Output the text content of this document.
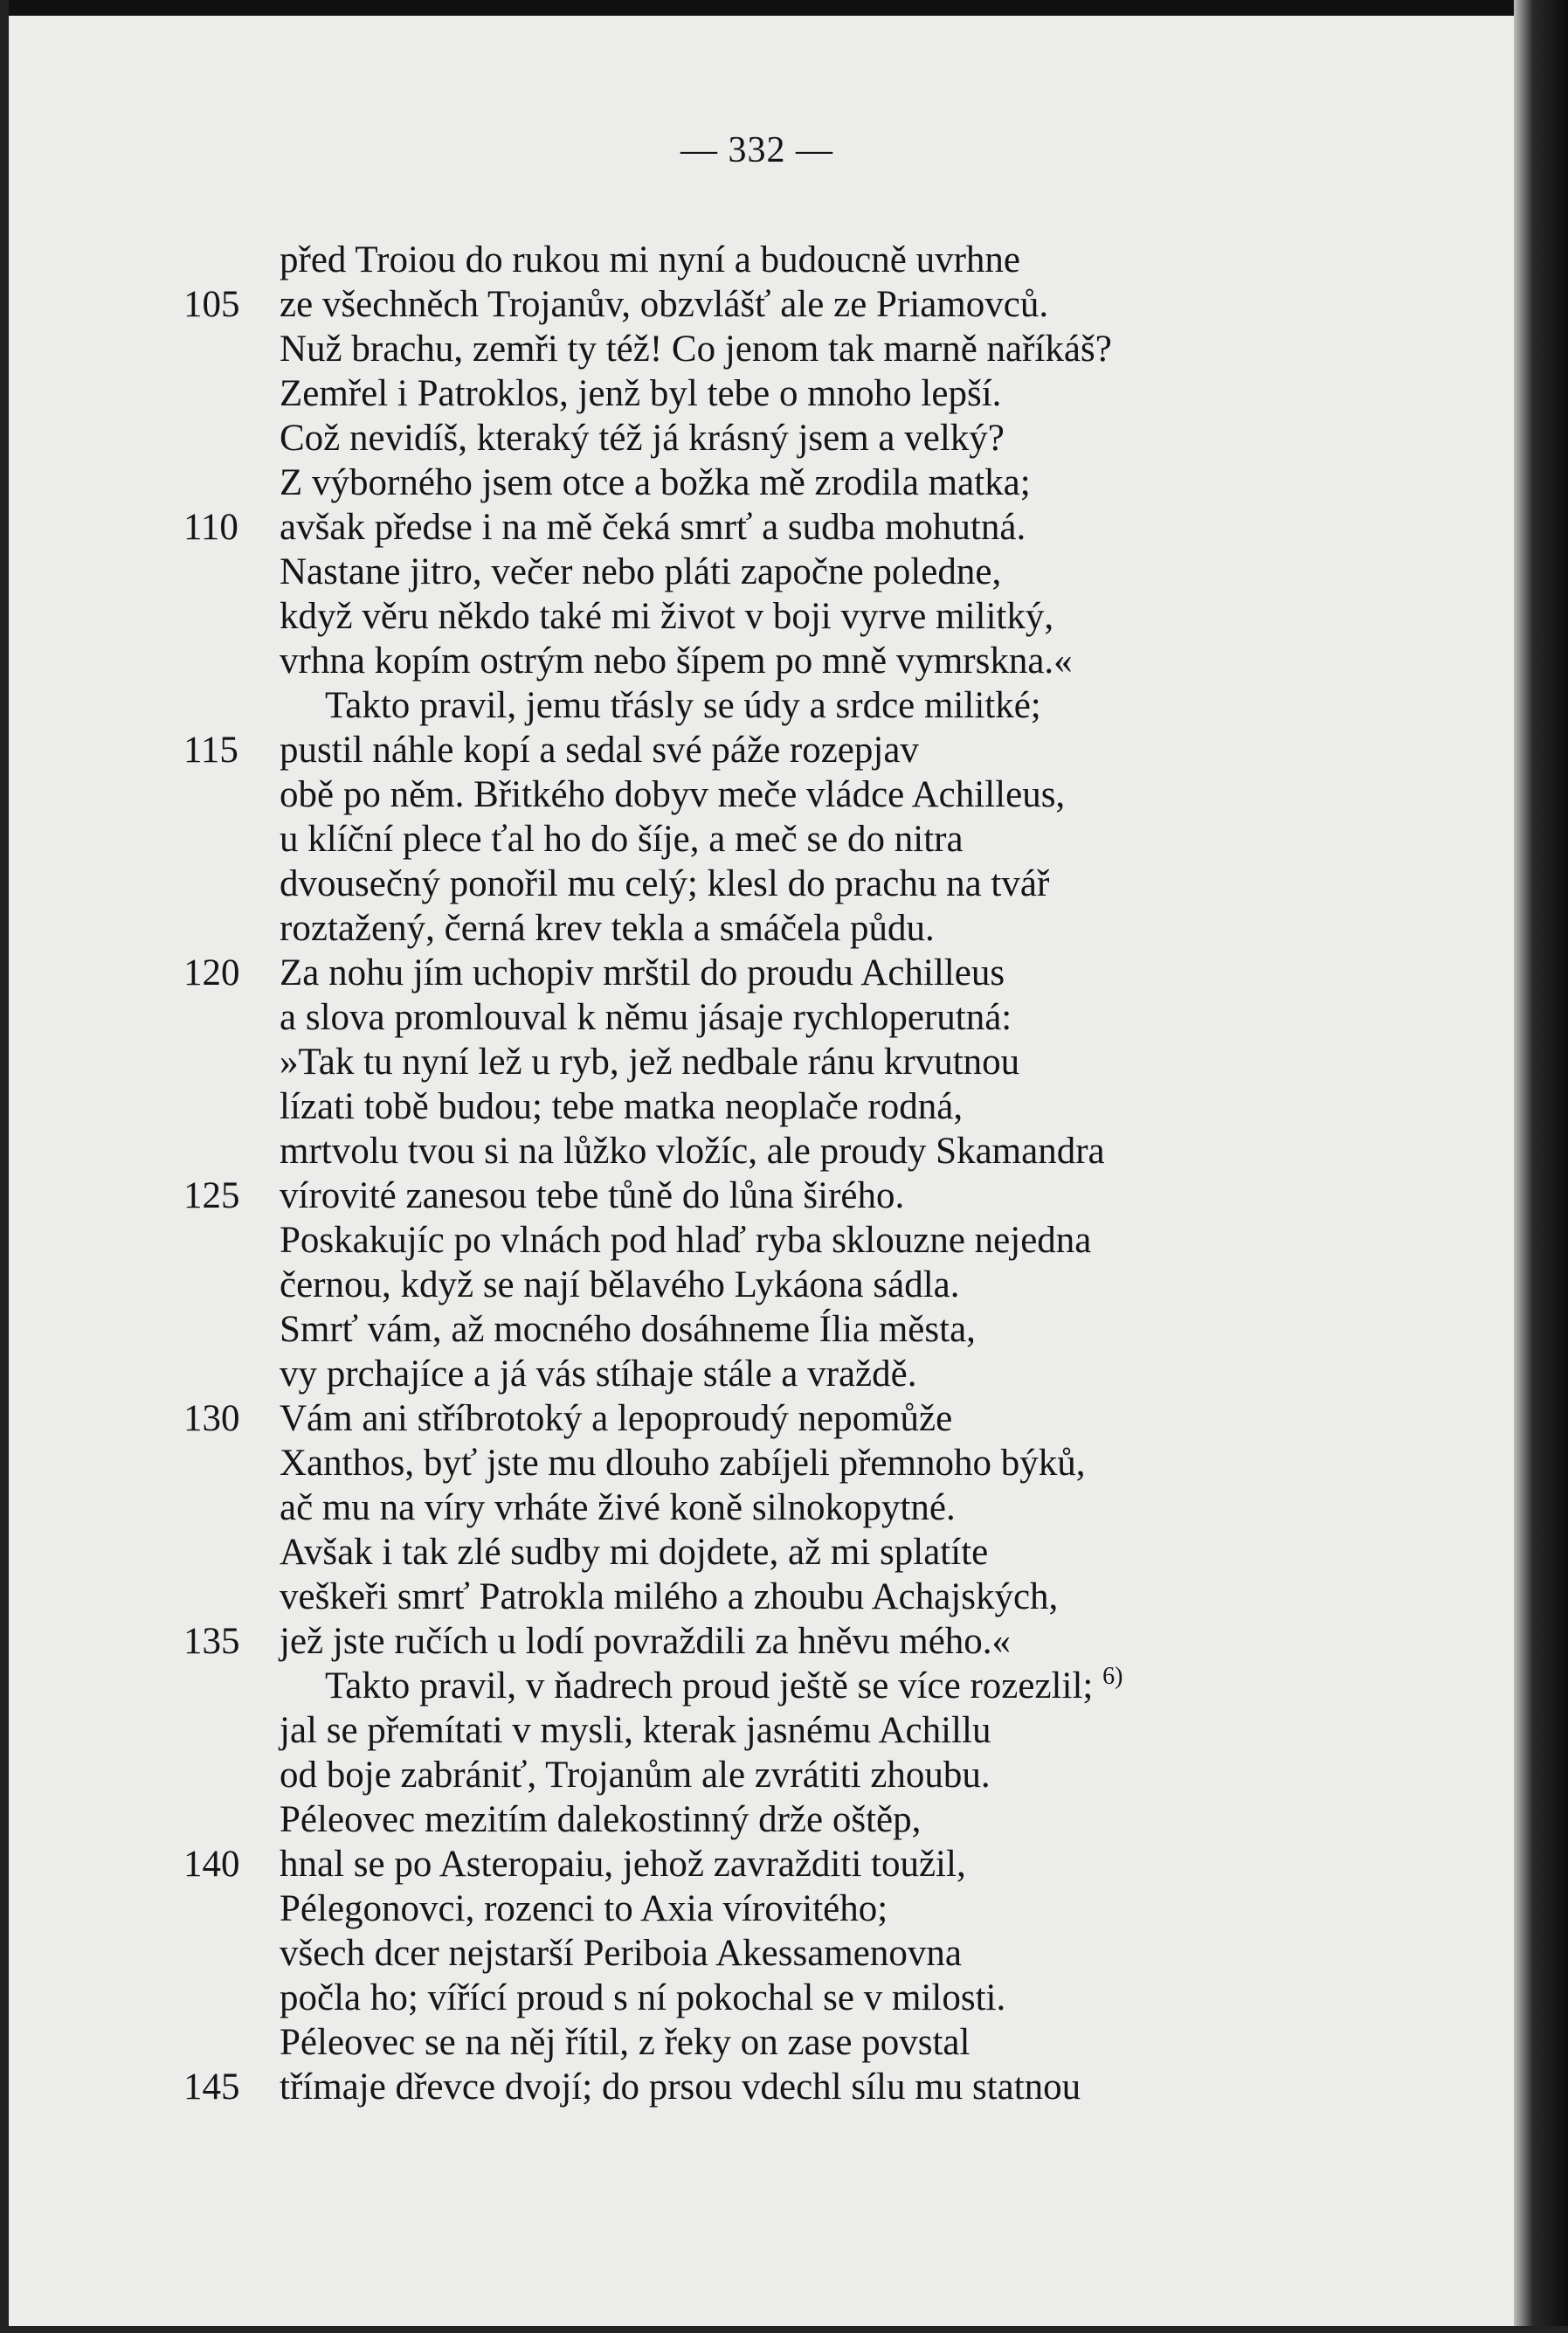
— 332 —
před Troiou do rukou mi nyní a budoucně uvrhne
105	ze všechněch Trojanův, obzvlášť ale ze Priamovců.
Nuž brachu, zemři ty též! Co jenom tak marně naříkáš?
Zemřel i Patroklos, jenž byl tebe o mnoho lepší.
Což nevidíš, kteraký též já krásný jsem a velký?
Z výborného jsem otce a božka mě zrodila matka;
110	avšak předse i na mě čeká smrť a sudba mohutná.
Nastane jitro, večer nebo pláti započne poledne,
když věru někdo také mi život v boji vyrve militký,
vrhna kopím ostrým nebo šípem po mně vymrskna.«
Takto pravil, jemu třásly se údy a srdce militké;
115	pustil náhle kopí a sedal své páže rozepjav
obě po něm. Břitkého dobyv meče vládce Achilleus,
u klíční plece ťal ho do šíje, a meč se do nitra
dvousečný ponořil mu celý; klesl do prachu na tvář
roztažený, černá krev tekla a smáčela půdu.
120	Za nohu jím uchopiv mrštil do proudu Achilleus
a slova promlouval k němu jásaje rychloperutná:
»Tak tu nyní lež u ryb, jež nedbale ránu krvutnou
lízati tobě budou; tebe matka neoplače rodná,
mrtvolu tvou si na lůžko vložíc, ale proudy Skamandra
125	vírovité zanesou tebe tůně do lůna širého.
Poskakujíc po vlnách pod hlaď ryba sklouzne nejedna
černou, když se nají bělavého Lykáona sádla.
Smrť vám, až mocného dosáhneme Ília města,
vy prchajíce a já vás stíhaje stále a vraždě.
130	Vám ani stříbrotoký a lepoproudý nepomůže
Xanthos, byť jste mu dlouho zabíjeli přemnoho býků,
ač mu na víry vrháte živé koně silnokopytné.
Avšak i tak zlé sudby mi dojdete, až mi splatíte
veškeři smrť Patrokla milého a zhoubu Achajských,
135	jež jste ručích u lodí povraždili za hněvu mého.«
Takto pravil, v ňadrech proud ještě se více rozezlil; $^{6)}$
jal se přemítati v mysli, kterak jasnému Achillu
od boje zabrániť, Trojanům ale zvrátiti zhoubu.
Péleovec mezitím dalekostinný drže oštěp,
140	hnal se po Asteropaiu, jehož zavražditi toužil,
Pélegonovci, rozenci to Axia vírovitého;
všech dcer nejstarší Periboia Akessamenovna
počla ho; vířící proud s ní pokochal se v milosti.
Péleovec se na něj řítil, z řeky on zase povstal
145	třímaje dřevce dvojí; do prsou vdechl sílu mu statnou
